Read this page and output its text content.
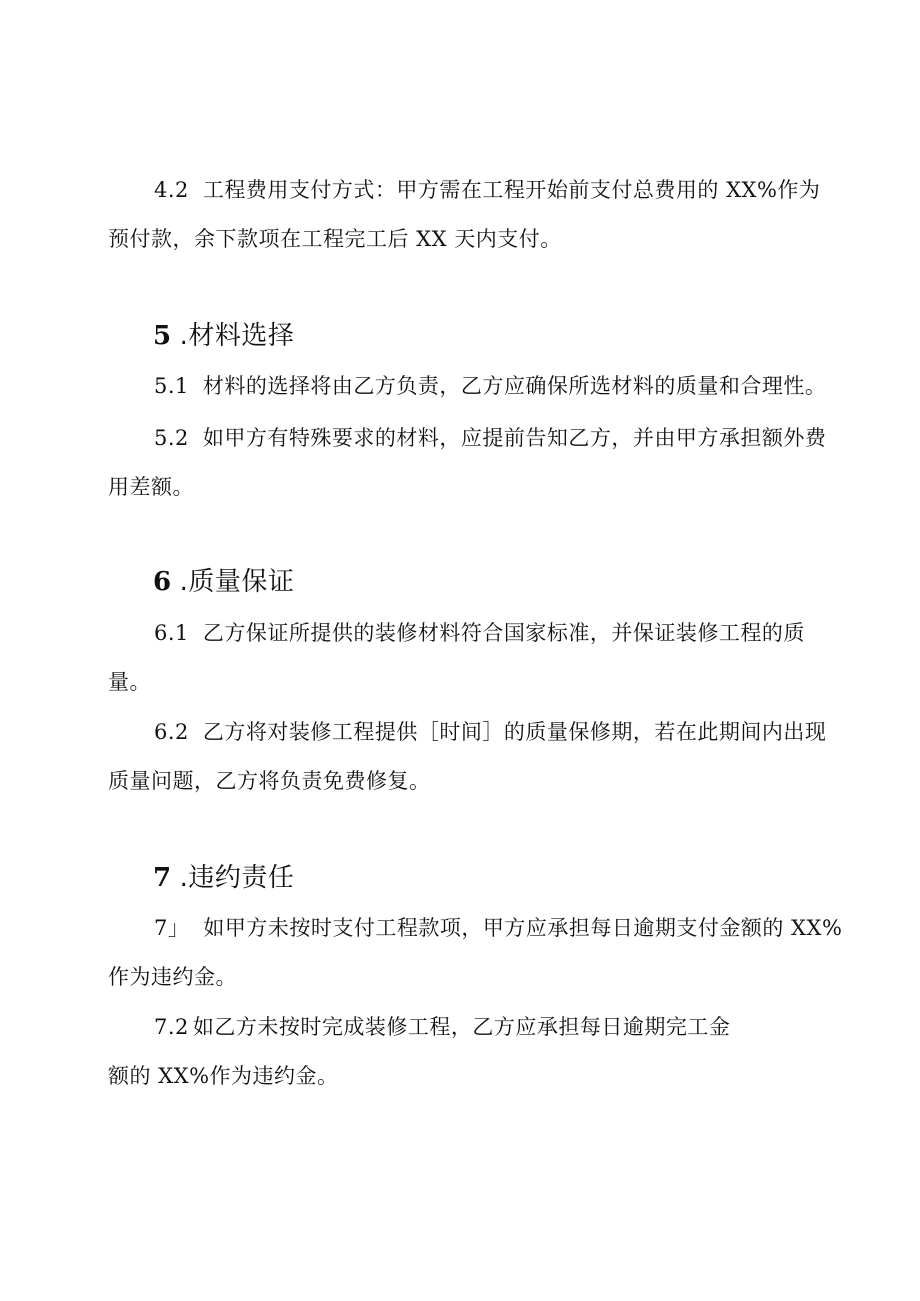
4.2 工程费用支付方式：甲方需在工程开始前支付总费用的 XX%作为
预付款，余下款项在工程完工后 XX 天内支付。
5 .材料选择
5.1 材料的选择将由乙方负责，乙方应确保所选材料的质量和合理性。
5.2 如甲方有特殊要求的材料，应提前告知乙方，并由甲方承担额外费
用差额。
6 .质量保证
6.1 乙方保证所提供的装修材料符合国家标准，并保证装修工程的质
量。
6.2 乙方将对装修工程提供［时间］的质量保修期，若在此期间内出现
质量问题，乙方将负责免费修复。
7 .违约责任
7」 如甲方未按时支付工程款项，甲方应承担每日逾期支付金额的 XX%
作为违约金。
7.2 如乙方未按时完成装修工程，乙方应承担每日逾期完工金
额的 XX%作为违约金。
